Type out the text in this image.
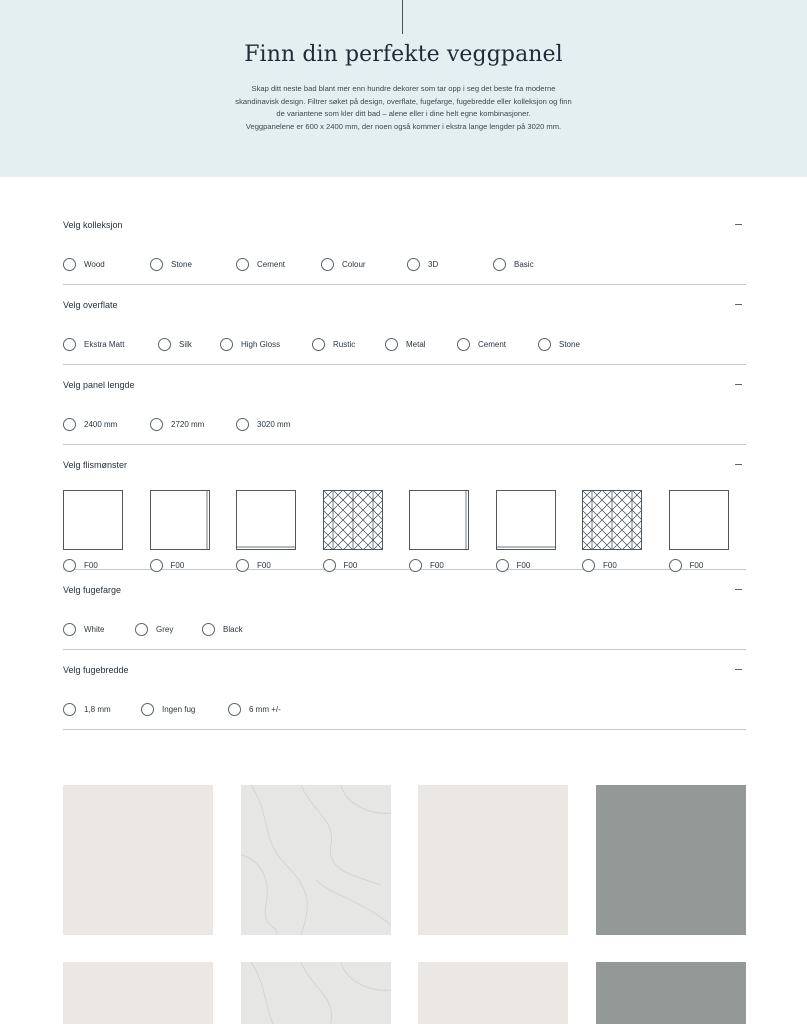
Finn din perfekte veggpanel

Skap ditt neste bad blant mer enn hundre dekorer som tar opp i seg det beste fra moderne
skandinavisk design. Filtrer søket på design, overflate, fugefarge, fugebredde eller kolleksjon og finn
de variantene som kler ditt bad – alene eller i dine helt egne kombinasjoner.
Veggpanelene er 600 x 2400 mm, der noen også kommer i ekstra lange lengder på 3020 mm.

Velg kolleksjon
Wood	Stone	Cement	Colour	3D	Basic
Velg overflate
Ekstra Matt	Silk	High Gloss	Rustic	Metal	Cement	Stone
Velg panel lengde
2400 mm	2720 mm	3020 mm
Velg flismønster
F00	F00	F00	F00	F00	F00	F00	F00
Velg fugefarge
White	Grey	Black
Velg fugebredde
1,8 mm	Ingen fug	6 mm +/-
